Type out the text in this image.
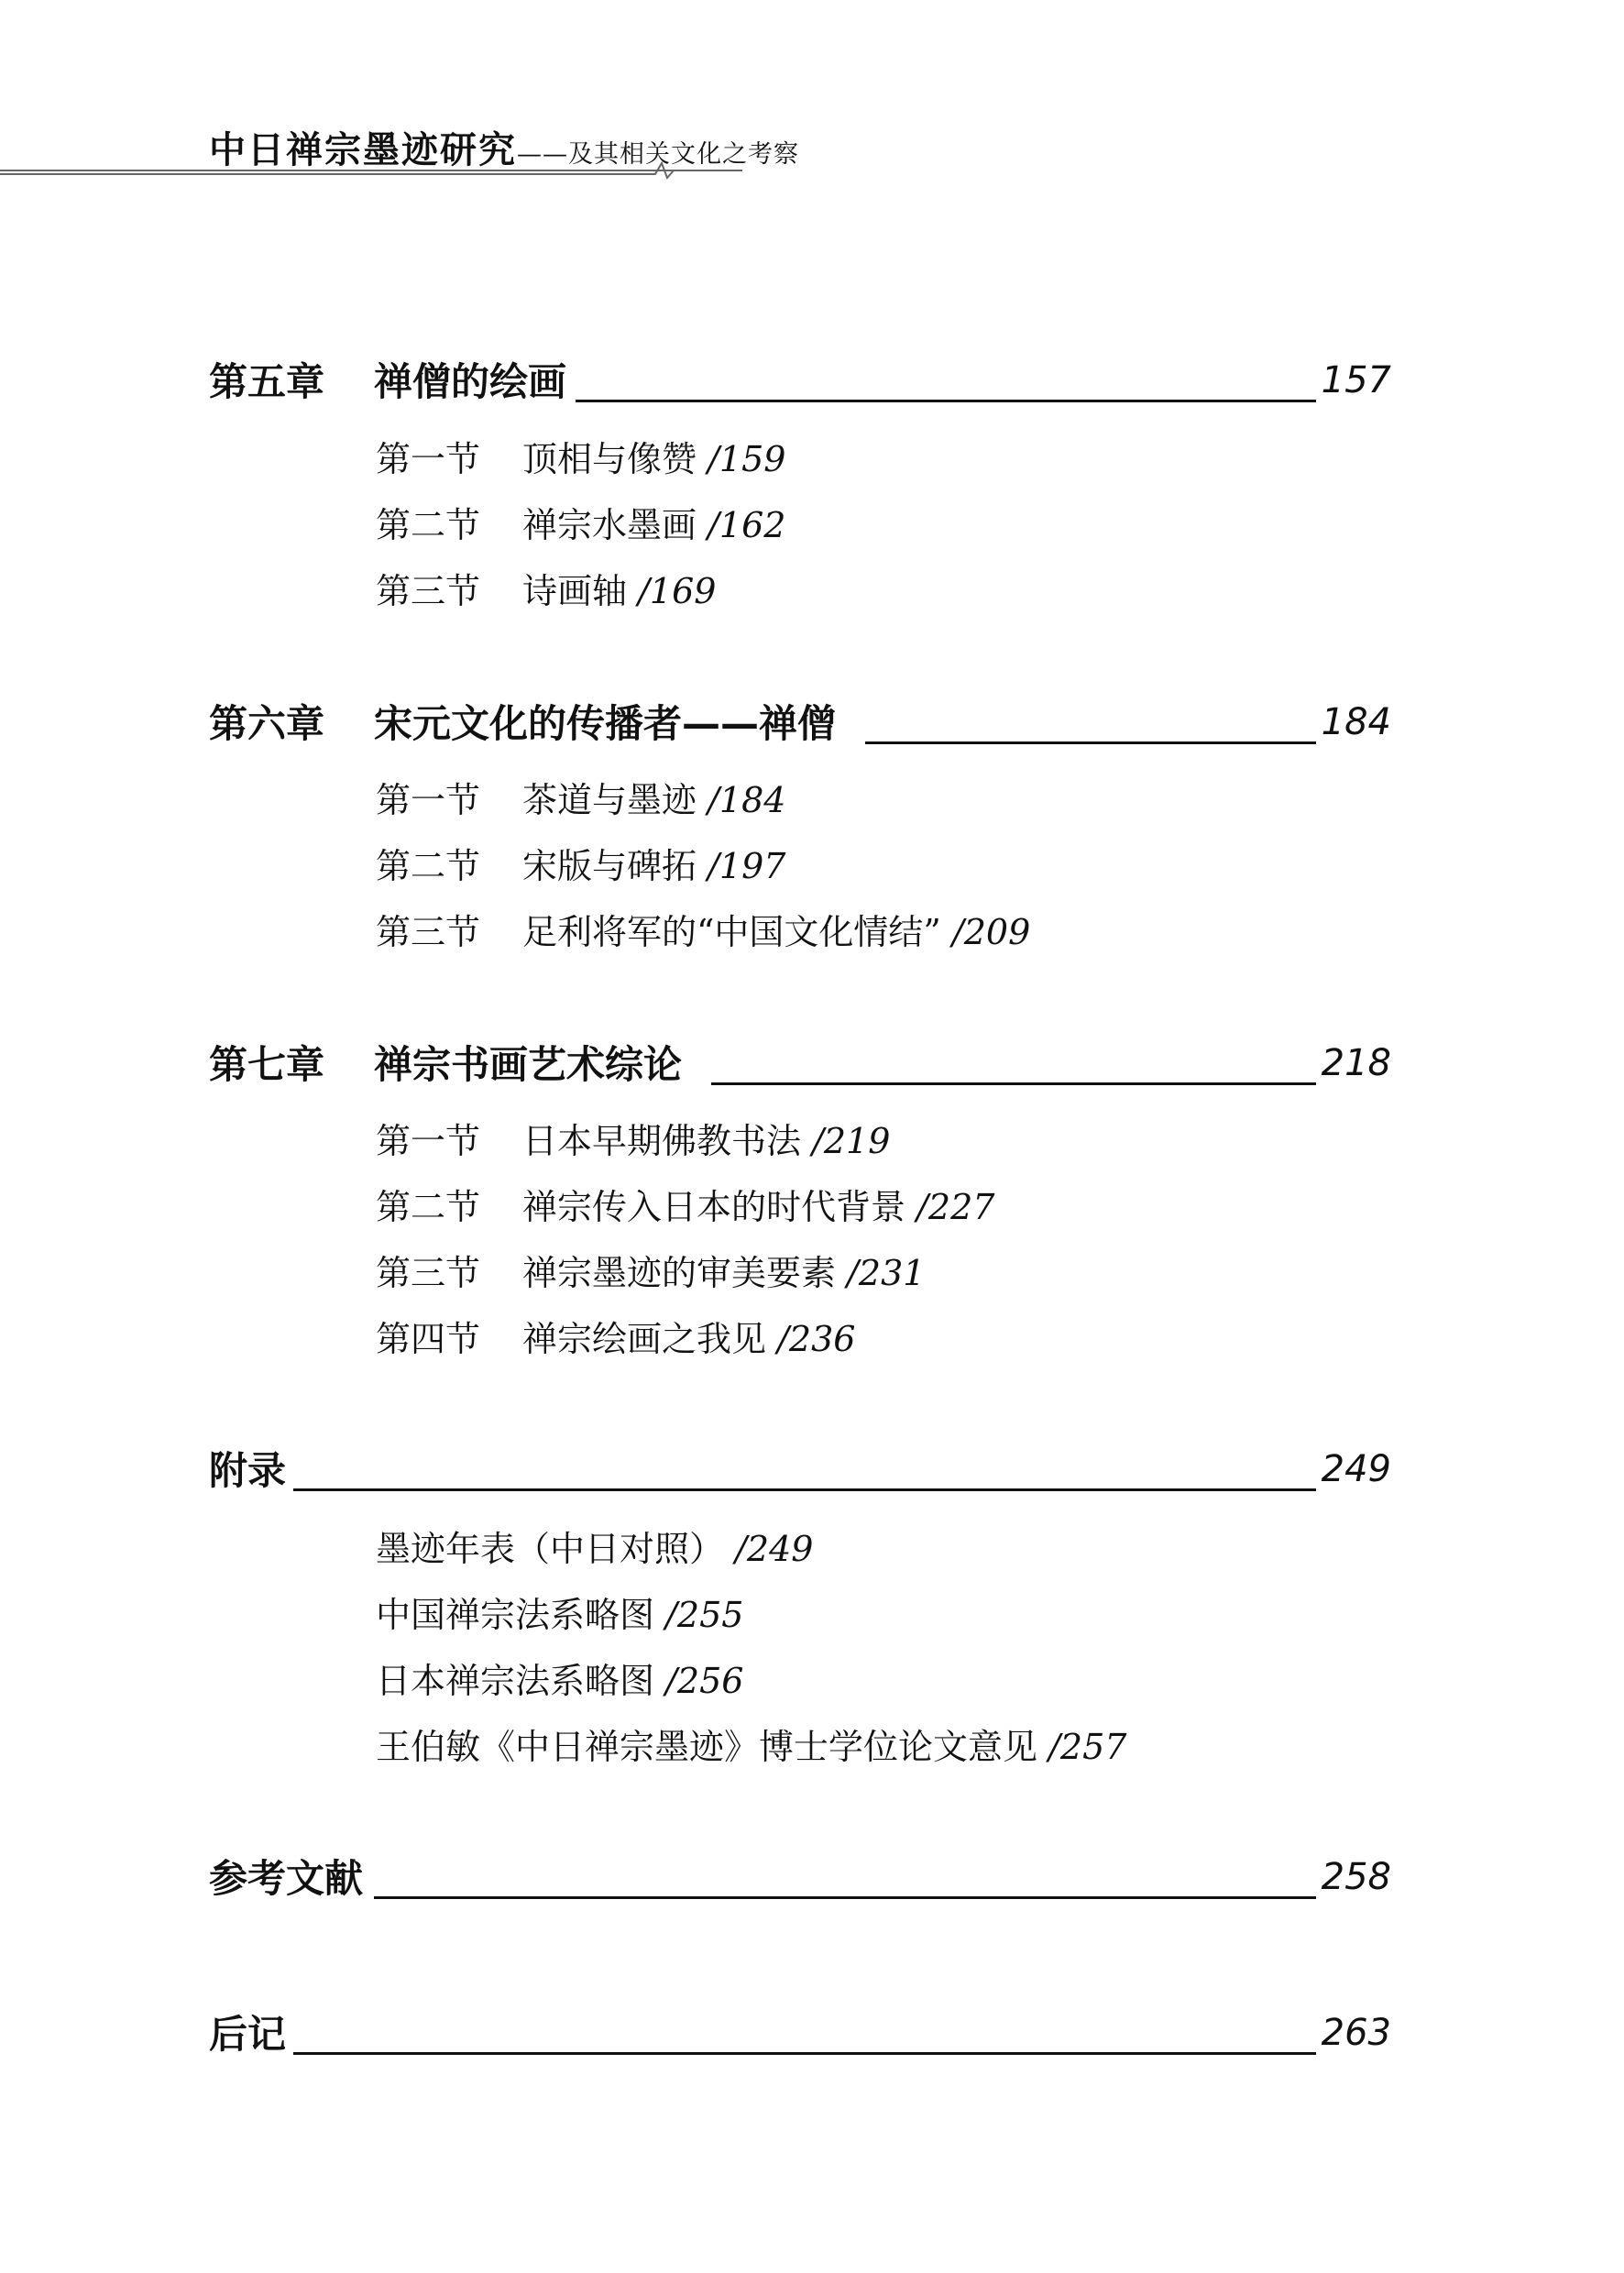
中日禅宗墨迹研究——及其相关文化之考察
第五章 禅僧的绘画	157
第一节 顶相与像赞 /159
第二节 禅宗水墨画 /162
第三节 诗画轴 /169
第六章 宋元文化的传播者——禅僧	184
第一节 茶道与墨迹 /184
第二节 宋版与碑拓 /197
第三节 足利将军的“中国文化情结” /209
第七章 禅宗书画艺术综论	218
第一节 日本早期佛教书法 /219
第二节 禅宗传入日本的时代背景 /227
第三节 禅宗墨迹的审美要素 /231
第四节 禅宗绘画之我见 /236
附录	249
墨迹年表（中日对照） /249
中国禅宗法系略图 /255
日本禅宗法系略图 /256
王伯敏《中日禅宗墨迹》博士学位论文意见 /257
参考文献	258
后记	263
